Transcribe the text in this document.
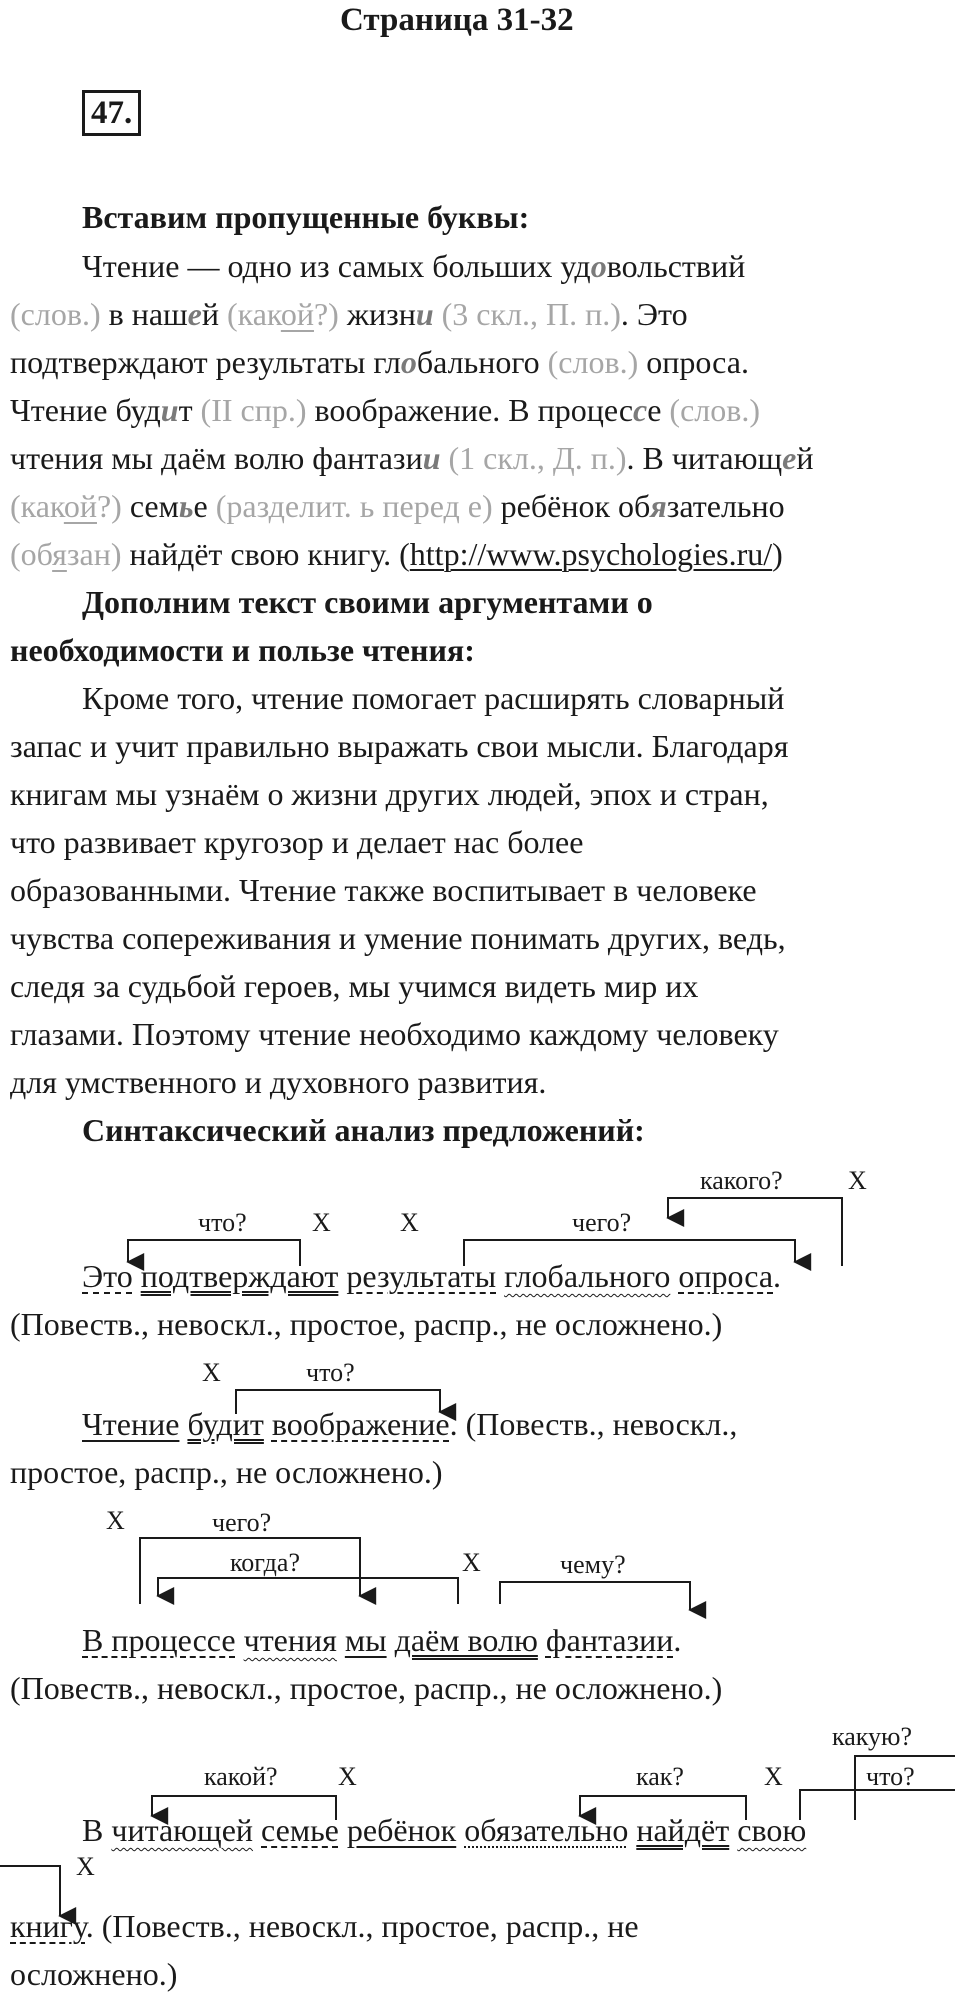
Страница 31-32
47.
Вставим пропущенные буквы:
Чтение — одно из самых больших удовольствий
(слов.) в нашей (какой?) жизни (3 скл., П. п.). Это
подтверждают результаты глобального (слов.) опроса.
Чтение будит (II спр.) воображение. В процессе (слов.)
чтения мы даём волю фантазии (1 скл., Д. п.). В читающей
(какой?) семье (разделит. ь перед е) ребёнок обязательно
(обязан) найдёт свою книгу. (http://www.psychologies.ru/)
Дополним текст своими аргументами о
необходимости и пользе чтения:
Кроме того, чтение помогает расширять словарный
запас и учит правильно выражать свои мысли. Благодаря
книгам мы узнаём о жизни других людей, эпох и стран,
что развивает кругозор и делает нас более
образованными. Чтение также воспитывает в человеке
чувства сопереживания и умение понимать других, ведь,
следя за судьбой героев, мы учимся видеть мир их
глазами. Поэтому чтение необходимо каждому человеку
для умственного и духовного развития.
Синтаксический анализ предложений:
какого?	X
что?	X	X	чего?
Это подтверждают результаты глобального опроса.
(Повеств., невоскл., простое, распр., не осложнено.)
X	что?
Чтение будит воображение. (Повеств., невоскл.,
простое, распр., не осложнено.)
X	чего?
когда?	X	чему?
В процессе чтения мы даём волю фантазии.
(Повеств., невоскл., простое, распр., не осложнено.)
какую?
какой? X	как?	X	что?
В читающей семье ребёнок обязательно найдёт свою
X
книгу. (Повеств., невоскл., простое, распр., не
осложнено.)
